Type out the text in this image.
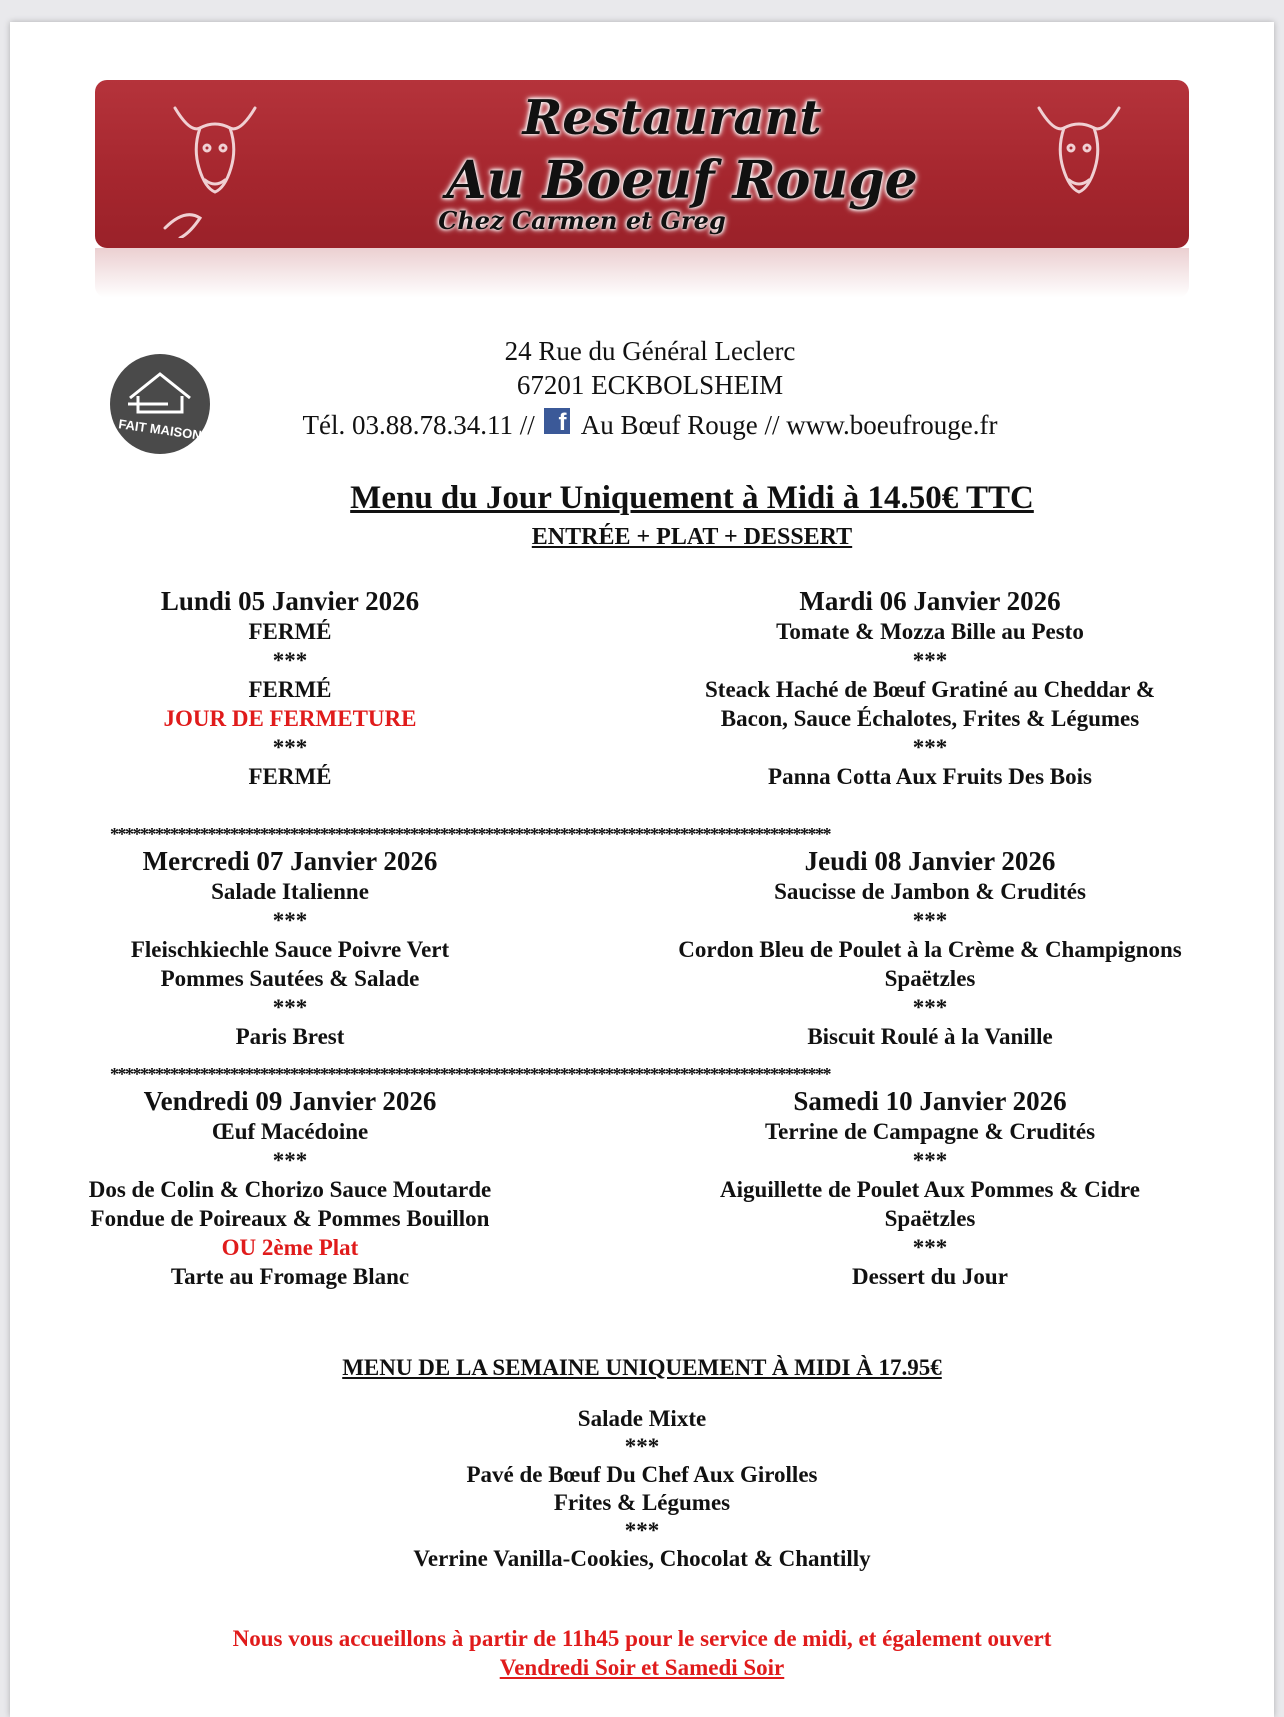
Restaurant
Au Boeuf Rouge
Chez Carmen et Greg
FAIT MAISON
24 Rue du Général Leclerc
67201 ECKBOLSHEIM
Tél. 03.88.78.34.11 // f Au Bœuf Rouge // www.boeufrouge.fr
Menu du Jour Uniquement à Midi à 14.50€ TTC
ENTRÉE + PLAT + DESSERT
Lundi 05 Janvier 2026
FERMÉ
***
FERMÉ
JOUR DE FERMETURE
***
FERMÉ
Mardi 06 Janvier 2026
Tomate & Mozza Bille au Pesto
***
Steack Haché de Bœuf Gratiné au Cheddar &
Bacon, Sauce Échalotes, Frites & Légumes
***
Panna Cotta Aux Fruits Des Bois
Mercredi 07 Janvier 2026
Salade Italienne
***
Fleischkiechle Sauce Poivre Vert
Pommes Sautées & Salade
***
Paris Brest
Jeudi 08 Janvier 2026
Saucisse de Jambon & Crudités
***
Cordon Bleu de Poulet à la Crème & Champignons
Spaëtzles
***
Biscuit Roulé à la Vanille
Vendredi 09 Janvier 2026
Œuf Macédoine
***
Dos de Colin & Chorizo Sauce Moutarde
Fondue de Poireaux & Pommes Bouillon
OU 2ème Plat
Tarte au Fromage Blanc
Samedi 10 Janvier 2026
Terrine de Campagne & Crudités
***
Aiguillette de Poulet Aux Pommes & Cidre
Spaëtzles
***
Dessert du Jour
************************************************************************************************
************************************************************************************************
MENU DE LA SEMAINE UNIQUEMENT À MIDI À 17.95€
Salade Mixte
***
Pavé de Bœuf Du Chef Aux Girolles
Frites & Légumes
***
Verrine Vanilla-Cookies, Chocolat & Chantilly
Nous vous accueillons à partir de 11h45 pour le service de midi, et également ouvert
Vendredi Soir et Samedi Soir
